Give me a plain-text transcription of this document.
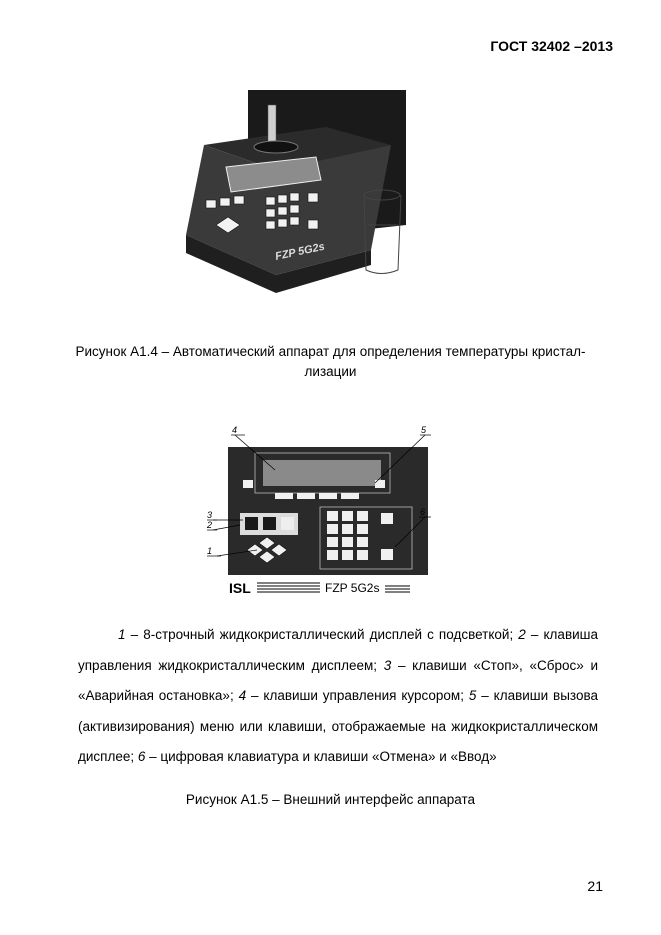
ГОСТ 32402 –2013
FZP 5G2s
Рисунок А1.4 – Автоматический аппарат для определения температуры кристал-лизации
ISL	FZP 5G2s
4	5
3
2
1
6

1 – 8-строчный жидкокристаллический дисплей с подсветкой; 2 – клавиша управления жидкокристаллическим дисплеем; 3 – клавиши «Стоп», «Сброс» и «Аварийная остановка»; 4 – клавиши управления курсором; 5 – клавиши вызова (активизирования) меню или клавиши, отображаемые на жидкокристаллическом дисплее; 6 – цифровая клавиатура и клавиши «Отмена» и «Ввод»

Рисунок А1.5 – Внешний интерфейс аппарата
21
